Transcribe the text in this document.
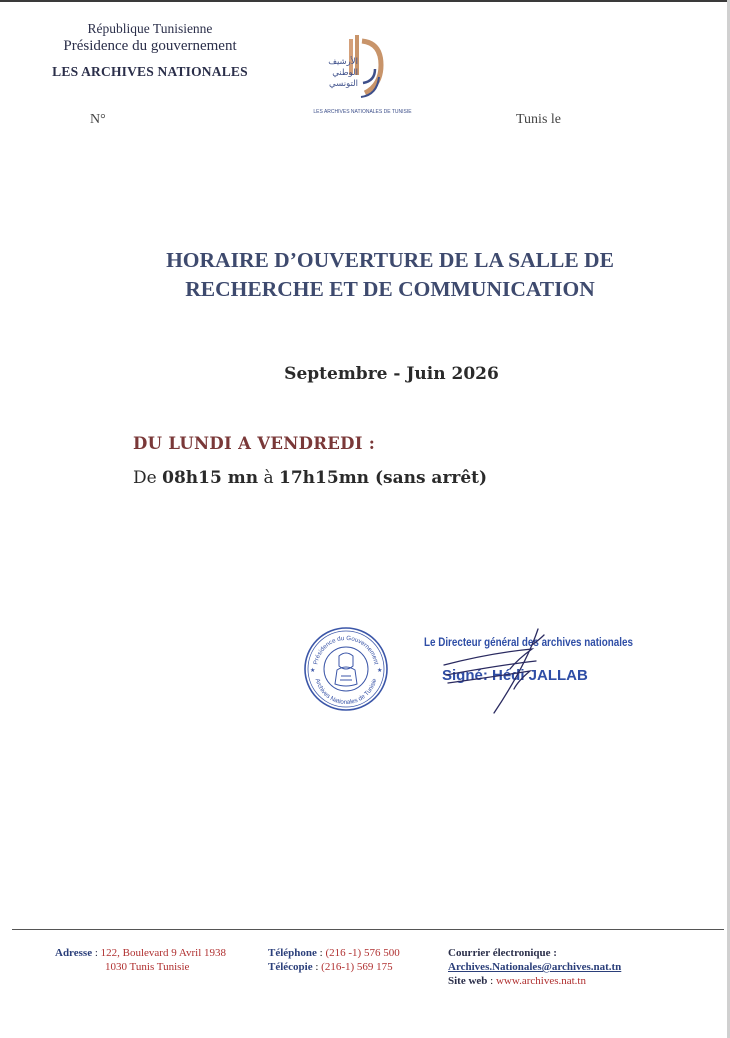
République Tunisienne
Présidence du gouvernement
LES ARCHIVES NATIONALES
الأرشيف
الوطني
التونسي
LES ARCHIVES NATIONALES DE TUNISIE
N°	Tunis le
HORAIRE D’OUVERTURE DE LA SALLE DE
RECHERCHE ET DE COMMUNICATION
Septembre - Juin 2026
DU LUNDI A VENDREDI :
De 08h15 mn à 17h15mn (sans arrêt)
Présidence du Gouvernement
Archives Nationales de Tunisie
★	★
Le Directeur général des archives nationales
Signé: Hédi JALLAB
Adresse : 122, Boulevard 9 Avril 1938
1030 Tunis Tunisie
Téléphone : (216 -1) 576 500
Télécopie : (216-1) 569 175
Courrier électronique :
Archives.Nationales@archives.nat.tn
Site web : www.archives.nat.tn
